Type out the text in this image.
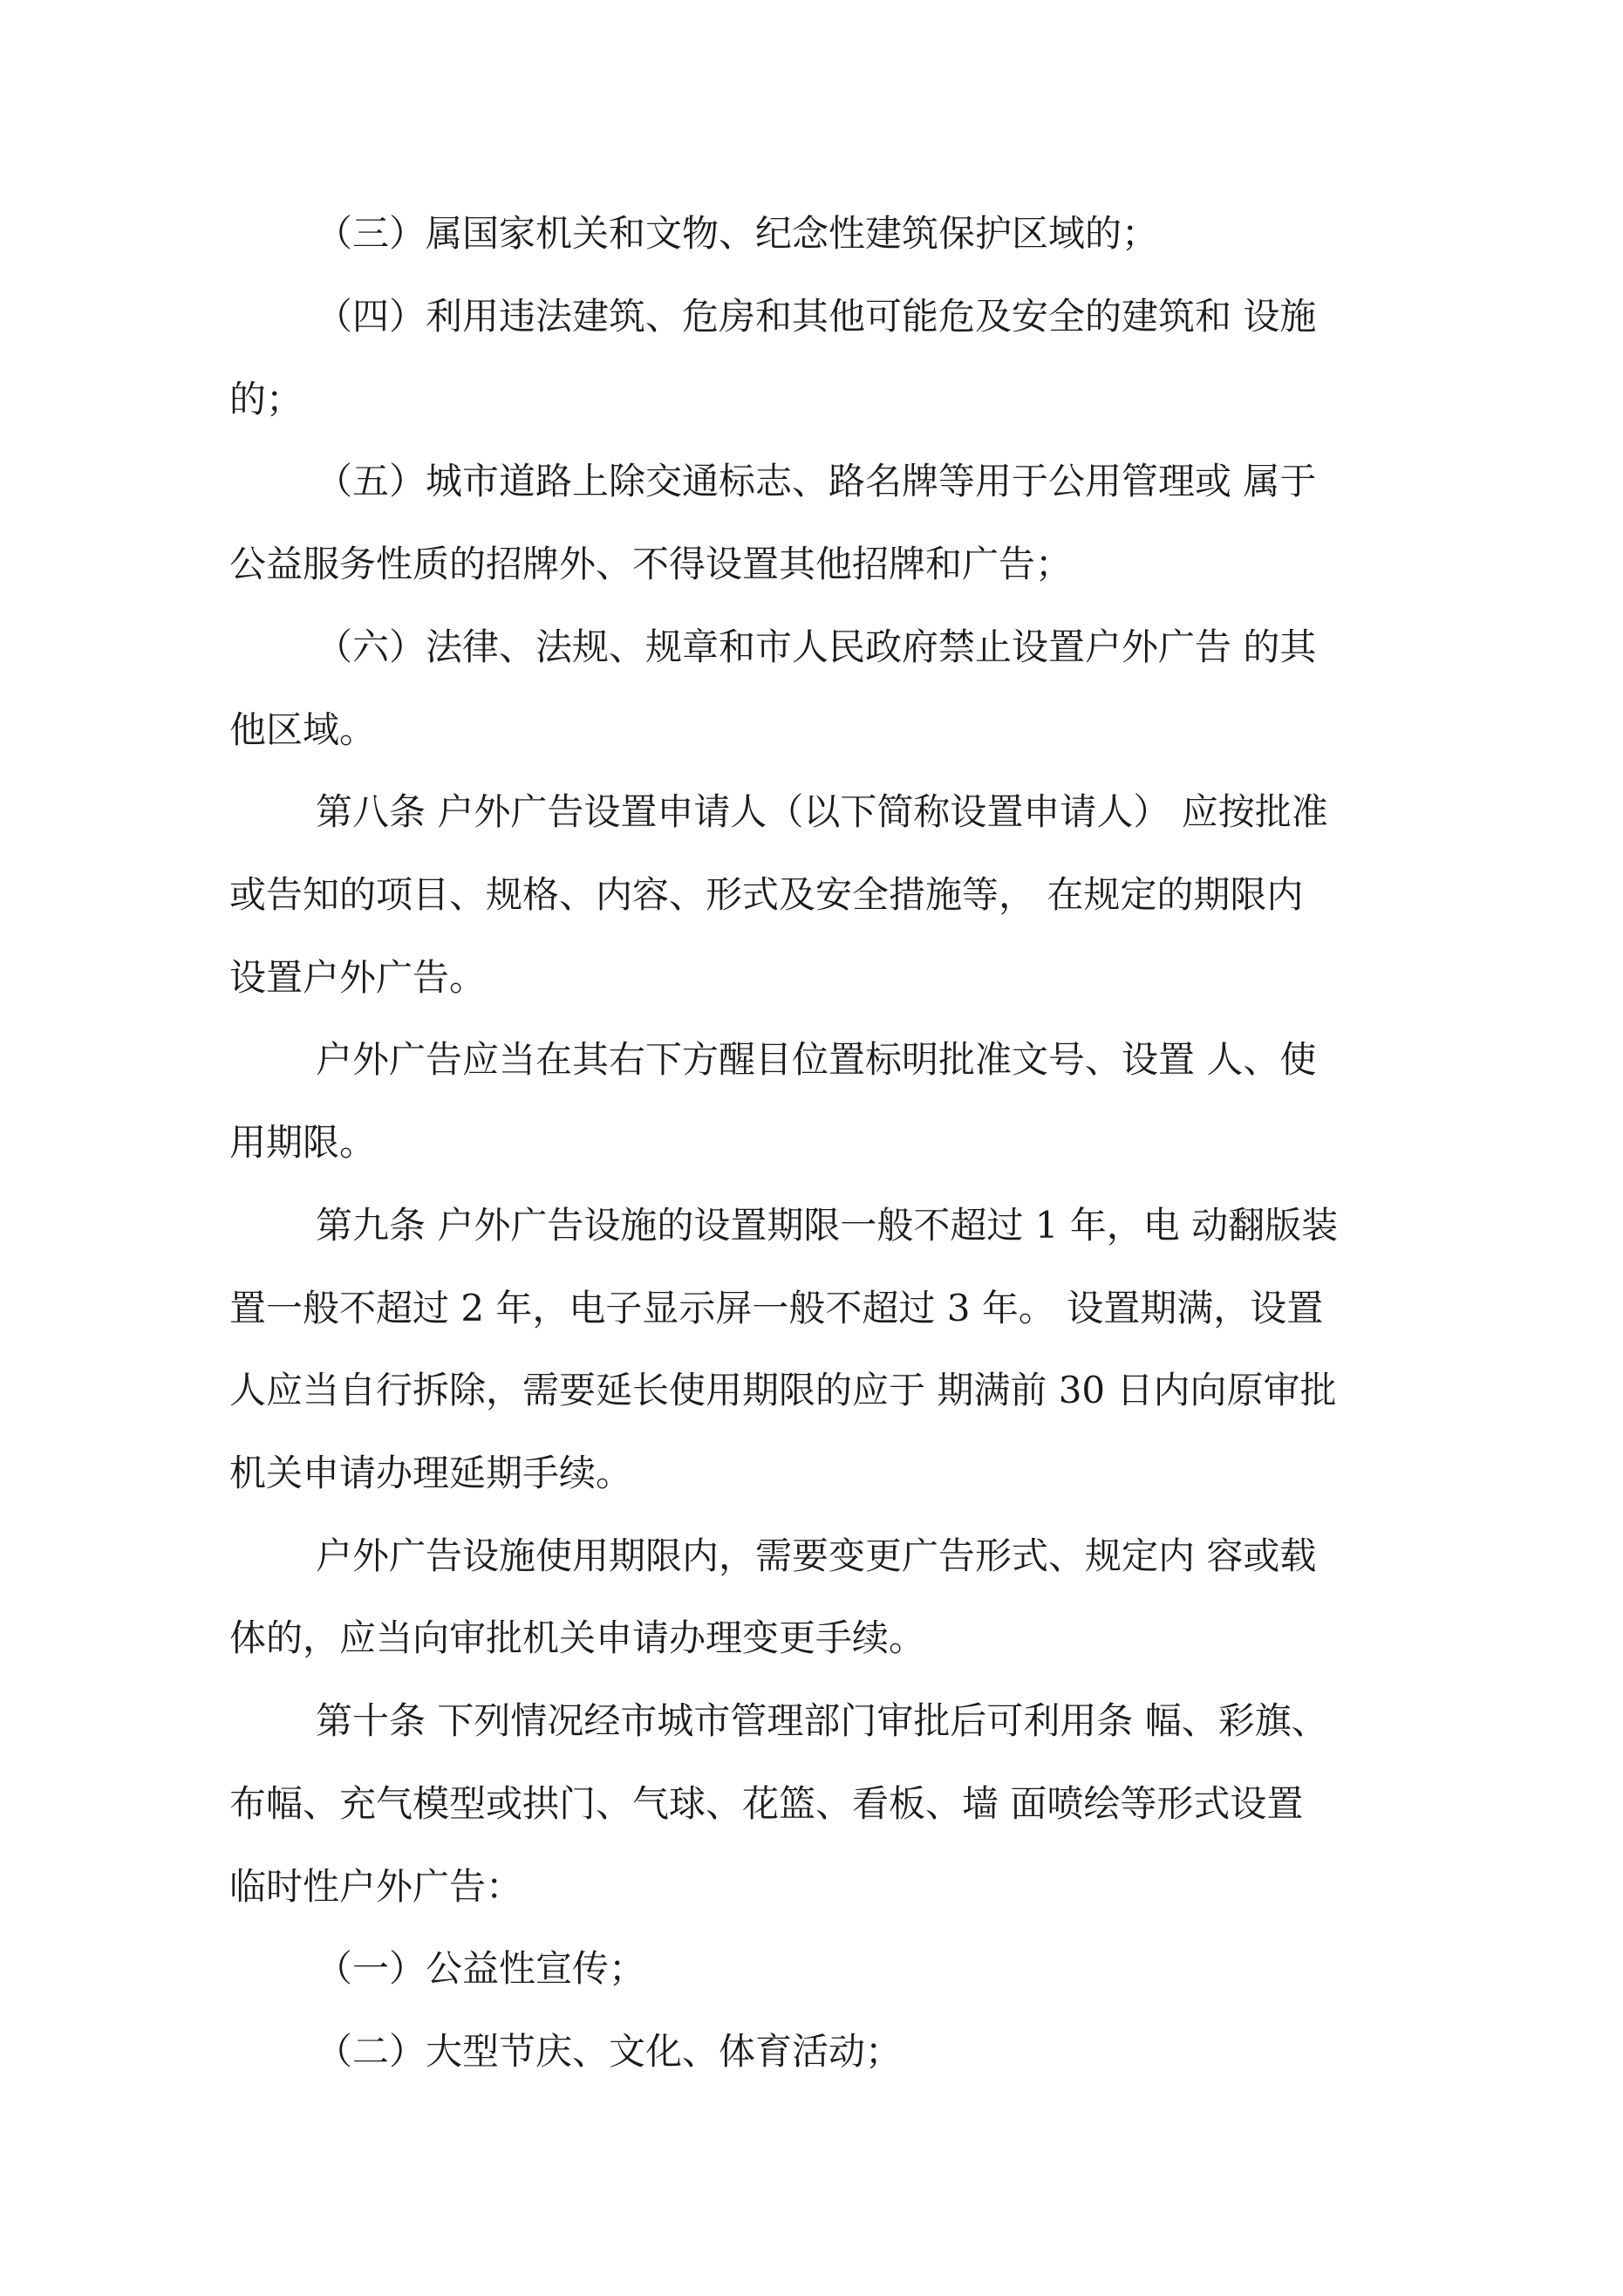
（三）属国家机关和文物、纪念性建筑保护区域的；
（四）利用违法建筑、危房和其他可能危及安全的建筑和 设施
的；
（五）城市道路上除交通标志、路名牌等用于公用管理或 属于
公益服务性质的招牌外、不得设置其他招牌和广告；
（六）法律、法规、规章和市人民政府禁止设置户外广告 的其
他区域。
第八条 户外广告设置申请人（以下简称设置申请人） 应按批准
或告知的项目、规格、内容、形式及安全措施等， 在规定的期限内
设置户外广告。
户外广告应当在其右下方醒目位置标明批准文号、设置 人、使
用期限。
第九条 户外广告设施的设置期限一般不超过 1 年，电 动翻版装
置一般不超过 2 年，电子显示屏一般不超过 3 年。 设置期满，设置
人应当自行拆除，需要延长使用期限的应于 期满前 30 日内向原审批
机关申请办理延期手续。
户外广告设施使用期限内，需要变更广告形式、规定内 容或载
体的，应当向审批机关申请办理变更手续。
第十条 下列情况经市城市管理部门审批后可利用条 幅、彩旗、
布幅、充气模型或拱门、气球、花篮、看板、墙 面喷绘等形式设置
临时性户外广告：
（一）公益性宣传；
（二）大型节庆、文化、体育活动；
